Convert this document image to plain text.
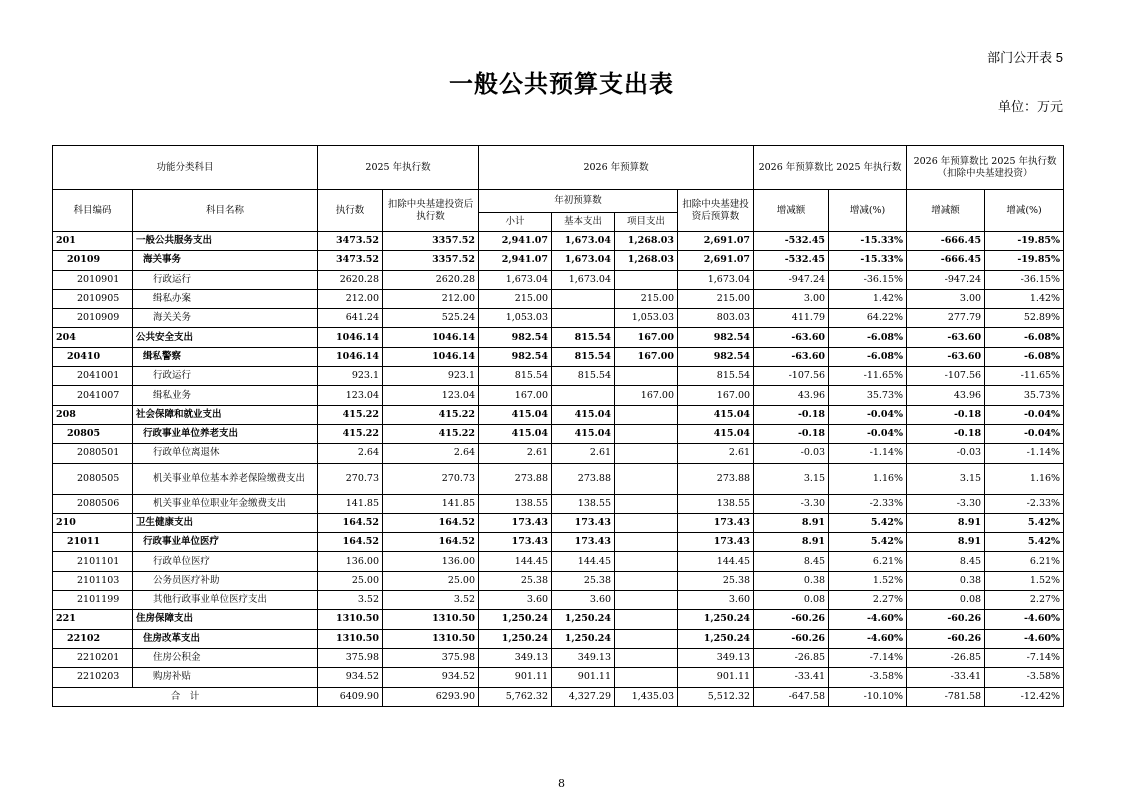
部门公开表 5
一般公共预算支出表
单位：万元
功能分类科目		2025 年执行数		2026 年预算数				2026 年预算数比 2025 年执行数		2026 年预算数比 2025 年执行数 （扣除中央基建投资）	
科目编码	科目名称	执行数	扣除中央基建投资后执行数	年初预算数			扣除中央基建投资后预算数	增减额	增减(%)	增减额	增减(%)
				小计	基本支出	项目支出					
201	一般公共服务支出	3473.52	3357.52	2,941.07	1,673.04	1,268.03	2,691.07	-532.45	-15.33%	-666.45	-19.85%
20109	海关事务	3473.52	3357.52	2,941.07	1,673.04	1,268.03	2,691.07	-532.45	-15.33%	-666.45	-19.85%
2010901	行政运行	2620.28	2620.28	1,673.04	1,673.04		1,673.04	-947.24	-36.15%	-947.24	-36.15%
2010905	缉私办案	212.00	212.00	215.00		215.00	215.00	3.00	1.42%	3.00	1.42%
2010909	海关关务	641.24	525.24	1,053.03		1,053.03	803.03	411.79	64.22%	277.79	52.89%
204	公共安全支出	1046.14	1046.14	982.54	815.54	167.00	982.54	-63.60	-6.08%	-63.60	-6.08%
20410	缉私警察	1046.14	1046.14	982.54	815.54	167.00	982.54	-63.60	-6.08%	-63.60	-6.08%
2041001	行政运行	923.1	923.1	815.54	815.54		815.54	-107.56	-11.65%	-107.56	-11.65%
2041007	缉私业务	123.04	123.04	167.00		167.00	167.00	43.96	35.73%	43.96	35.73%
208	社会保障和就业支出	415.22	415.22	415.04	415.04		415.04	-0.18	-0.04%	-0.18	-0.04%
20805	行政事业单位养老支出	415.22	415.22	415.04	415.04		415.04	-0.18	-0.04%	-0.18	-0.04%
2080501	行政单位离退休	2.64	2.64	2.61	2.61		2.61	-0.03	-1.14%	-0.03	-1.14%
2080505	机关事业单位基本养老保险缴费支出	270.73	270.73	273.88	273.88		273.88	3.15	1.16%	3.15	1.16%
2080506	机关事业单位职业年金缴费支出	141.85	141.85	138.55	138.55		138.55	-3.30	-2.33%	-3.30	-2.33%
210	卫生健康支出	164.52	164.52	173.43	173.43		173.43	8.91	5.42%	8.91	5.42%
21011	行政事业单位医疗	164.52	164.52	173.43	173.43		173.43	8.91	5.42%	8.91	5.42%
2101101	行政单位医疗	136.00	136.00	144.45	144.45		144.45	8.45	6.21%	8.45	6.21%
2101103	公务员医疗补助	25.00	25.00	25.38	25.38		25.38	0.38	1.52%	0.38	1.52%
2101199	其他行政事业单位医疗支出	3.52	3.52	3.60	3.60		3.60	0.08	2.27%	0.08	2.27%
221	住房保障支出	1310.50	1310.50	1,250.24	1,250.24		1,250.24	-60.26	-4.60%	-60.26	-4.60%
22102	住房改革支出	1310.50	1310.50	1,250.24	1,250.24		1,250.24	-60.26	-4.60%	-60.26	-4.60%
2210201	住房公积金	375.98	375.98	349.13	349.13		349.13	-26.85	-7.14%	-26.85	-7.14%
2210203	购房补贴	934.52	934.52	901.11	901.11		901.11	-33.41	-3.58%	-33.41	-3.58%
合　计		6409.90	6293.90	5,762.32	4,327.29	1,435.03	5,512.32	-647.58	-10.10%	-781.58	-12.42%
8
